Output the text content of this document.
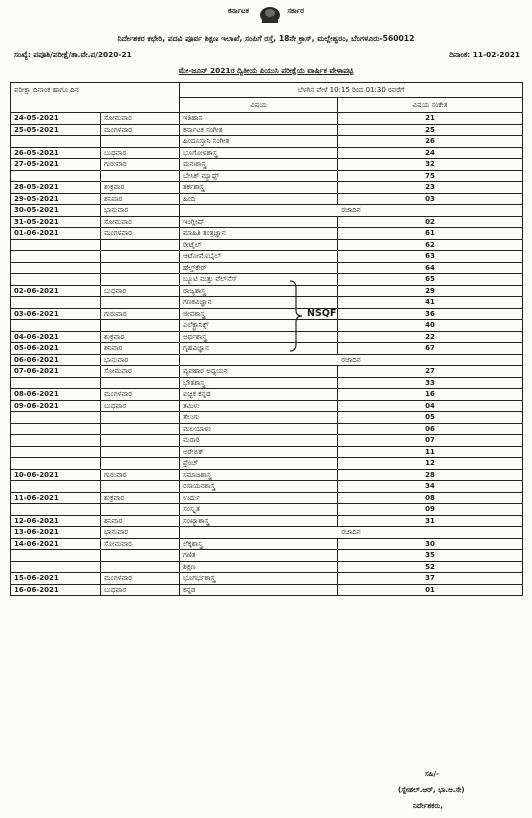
ಕರ್ನಾಟಕ	ಸರ್ಕಾರ
ನಿರ್ದೇಶಕರ ಕಛೇರಿ, ಪದವಿ ಪೂರ್ವ ಶಿಕ್ಷಣ ಇಲಾಖೆ, ಸಂಪಿಗೆ ರಸ್ತೆ, 18ನೇ ಕ್ರಾಸ್, ಮಲ್ಲೇಶ್ವರಂ, ಬೆಂಗಳೂರು-560012
ಸಂಖ್ಯೆ: ಪಪೂಶಿ/ಪರೀಕ್ಷೆ/ತಾ.ವೇ.ಪ/2020-21	ದಿನಾಂಕ: 11-02-2021
ಮೇ-ಜೂನ್ 2021ರ ದ್ವಿತೀಯ ಪಿಯುಸಿ ಪರೀಕ್ಷೆಯ ವಾರ್ಷಿಕ ವೇಳಾಪಟ್ಟಿ
ಪರೀಕ್ಷಾ ದಿನಾಂಕ ಹಾಗೂ ದಿನ		ಬೆಳಗಿನ ವೇಳೆ 10:15 ರಿಂದ 01:30 ರವರೆಗೆ	
		ವಿಷಯ	ವಿಷಯ ಸಂಕೇತ
24-05-2021	ಸೋಮವಾರ	ಇತಿಹಾಸ	21
25-05-2021	ಮಂಗಳವಾರ	ಕರ್ನಾಟಕ ಸಂಗೀತ	25
		ಹಿಂದೂಸ್ತಾನಿ ಸಂಗೀತ	26
26-05-2021	ಬುಧವಾರ	ಭೂಗೋಳಶಾಸ್ತ್ರ	24
27-05-2021	ಗುರುವಾರ	ಮನಃಶಾಸ್ತ್ರ	32
		ಬೇಸಿಕ್ ಮ್ಯಾಥ್ಸ್	75
28-05-2021	ಶುಕ್ರವಾರ	ತರ್ಕಶಾಸ್ತ್ರ	23
29-05-2021	ಶನಿವಾರ	ಹಿಂದಿ	03
30-05-2021	ಭಾನುವಾರ	ರಜಾದಿನ	
31-05-2021	ಸೋಮವಾರ	ಇಂಗ್ಲೀಷ್	02
01-06-2021	ಮಂಗಳವಾರ	ಮಾಹಿತಿ ತಂತ್ರಜ್ಞಾನ	61
		ರೀಟೈಲ್	62
		ಆಟೋಮೊಬೈಲ್	63
		ಹೆಲ್ತ್‌ಕೇರ್	64
		ಬ್ಯೂಟಿ ಮತ್ತು ವೆಲ್‌ನೆಸ್	65
02-06-2021	ಬುಧವಾರ	ರಾಜ್ಯಶಾಸ್ತ್ರ	29
		ಗಣಕವಿಜ್ಞಾನ	41
03-06-2021	ಗುರುವಾರ	ಜೀವಶಾಸ್ತ್ರ	36
		ಎಲೆಕ್ಟ್ರಾನಿಕ್ಸ್	40
04-06-2021	ಶುಕ್ರವಾರ	ಅರ್ಥಶಾಸ್ತ್ರ	22
05-06-2021	ಶನಿವಾರ	ಗೃಹವಿಜ್ಞಾನ	67
06-06-2021	ಭಾನುವಾರ	ರಜಾದಿನ	
07-06-2021	ಸೋಮವಾರ	ವ್ಯವಹಾರ ಅಧ್ಯಯನ	27
		ಭೌತಶಾಸ್ತ್ರ	33
08-06-2021	ಮಂಗಳವಾರ	ಐಚ್ಛಿಕ ಕನ್ನಡ	16
09-06-2021	ಬುಧವಾರ	ತಮಿಳು	04
		ತೆಲುಗು	05
		ಮಲಯಾಳಂ	06
		ಮರಾಠಿ	07
		ಅರೇಬಿಕ್	11
		ಫ್ರೆಂಚ್	12
10-06-2021	ಗುರುವಾರ	ಸಮಾಜಶಾಸ್ತ್ರ	28
		ರಸಾಯನಶಾಸ್ತ್ರ	34
11-06-2021	ಶುಕ್ರವಾರ	ಉರ್ದು	08
		ಸಂಸ್ಕೃತ	09
12-06-2021	ಶನಿವಾರ	ಸಂಖ್ಯಾಶಾಸ್ತ್ರ	31
13-06-2021	ಭಾನುವಾರ	ರಜಾದಿನ	
14-06-2021	ಸೋಮವಾರ	ಲೆಕ್ಕಶಾಸ್ತ್ರ	30
		ಗಣಿತ	35
		ಶಿಕ್ಷಣ	52
15-06-2021	ಮಂಗಳವಾರ	ಭೂಗರ್ಭಶಾಸ್ತ್ರ	37
16-06-2021	ಬುಧವಾರ	ಕನ್ನಡ	01
NSQF
ಸಹಿ/-
(ಸ್ನೇಹಲ್.ಆರ್, ಭಾ.ಆ.ಸೇ)
ನಿರ್ದೇಶಕರು,
